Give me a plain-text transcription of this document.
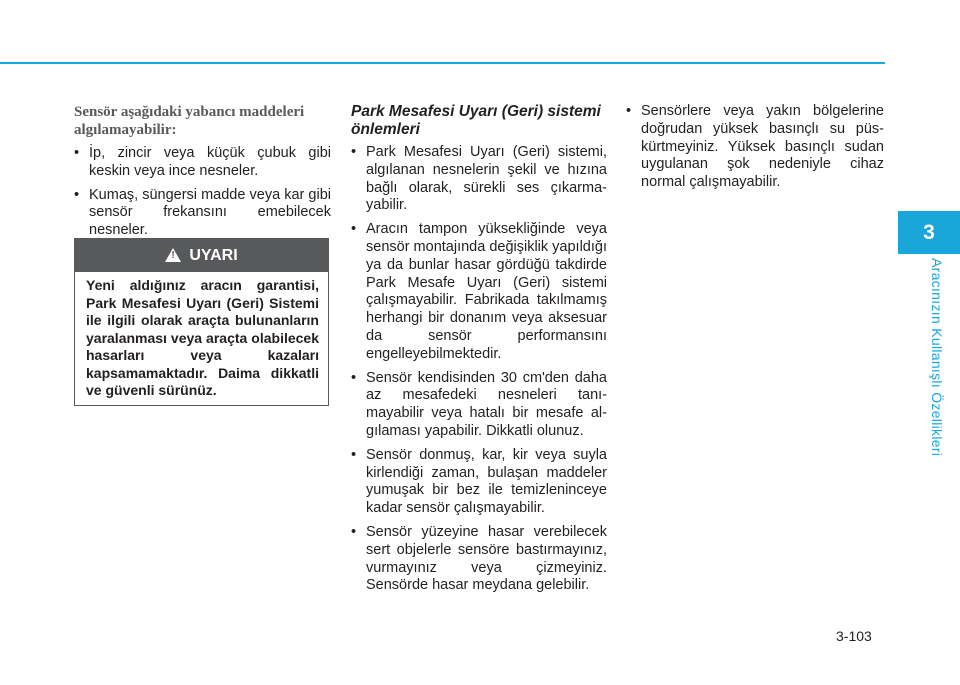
Sensör aşağıdaki yabancı maddeleri algılamayabilir:

• İp, zincir veya küçük çubuk gibi keskin veya ince nesneler.
• Kumaş, süngersi madde veya kar gibi sensör frekansını emebilecek nesneler.
!
UYARI
Yeni aldığınız aracın garantisi, Park Mesafesi Uyarı (Geri) Sistemi ile ilgili olarak araçta bulunanların yaralanması veya araçta olabilecek hasarları veya kazaları kapsamamaktadır. Daima dikkatli ve güvenli sürünüz.

Park Mesafesi Uyarı (Geri) sistemi önlemleri

• Park Mesafesi Uyarı (Geri) sistemi, algılanan nesnelerin şekil ve hızına bağlı olarak, sürekli ses çıkarmayabilir.
• Aracın tampon yüksekliğinde veya sensör montajında değişiklik yapıldığı ya da bunlar hasar gördüğü takdirde Park Mesafe Uyarı (Geri) sistemi çalışmayabilir. Fabrikada takılmamış herhangi bir donanım veya aksesuar da sensör performansını engelleyebilmektedir.
• Sensör kendisinden 30 cm'den daha az mesafedeki nesneleri tanımayabilir veya hatalı bir mesafe algılaması yapabilir. Dikkatli olunuz.
• Sensör donmuş, kar, kir veya suyla kirlendiği zaman, bulaşan maddeler yumuşak bir bez ile temizleninceye kadar sensör çalışmayabilir.
• Sensör yüzeyine hasar verebilecek sert objelerle sensöre bastırmayınız, vurmayınız veya çizmeyiniz. Sensörde hasar meydana gelebilir.
• Sensörlere veya yakın bölgelerine doğrudan yüksek basınçlı su püskürtmeyiniz. Yüksek basınçlı sudan uygulanan şok nedeniyle cihaz normal çalışmayabilir.
3
Aracınızın Kullanışlı Özellikleri
3-103
